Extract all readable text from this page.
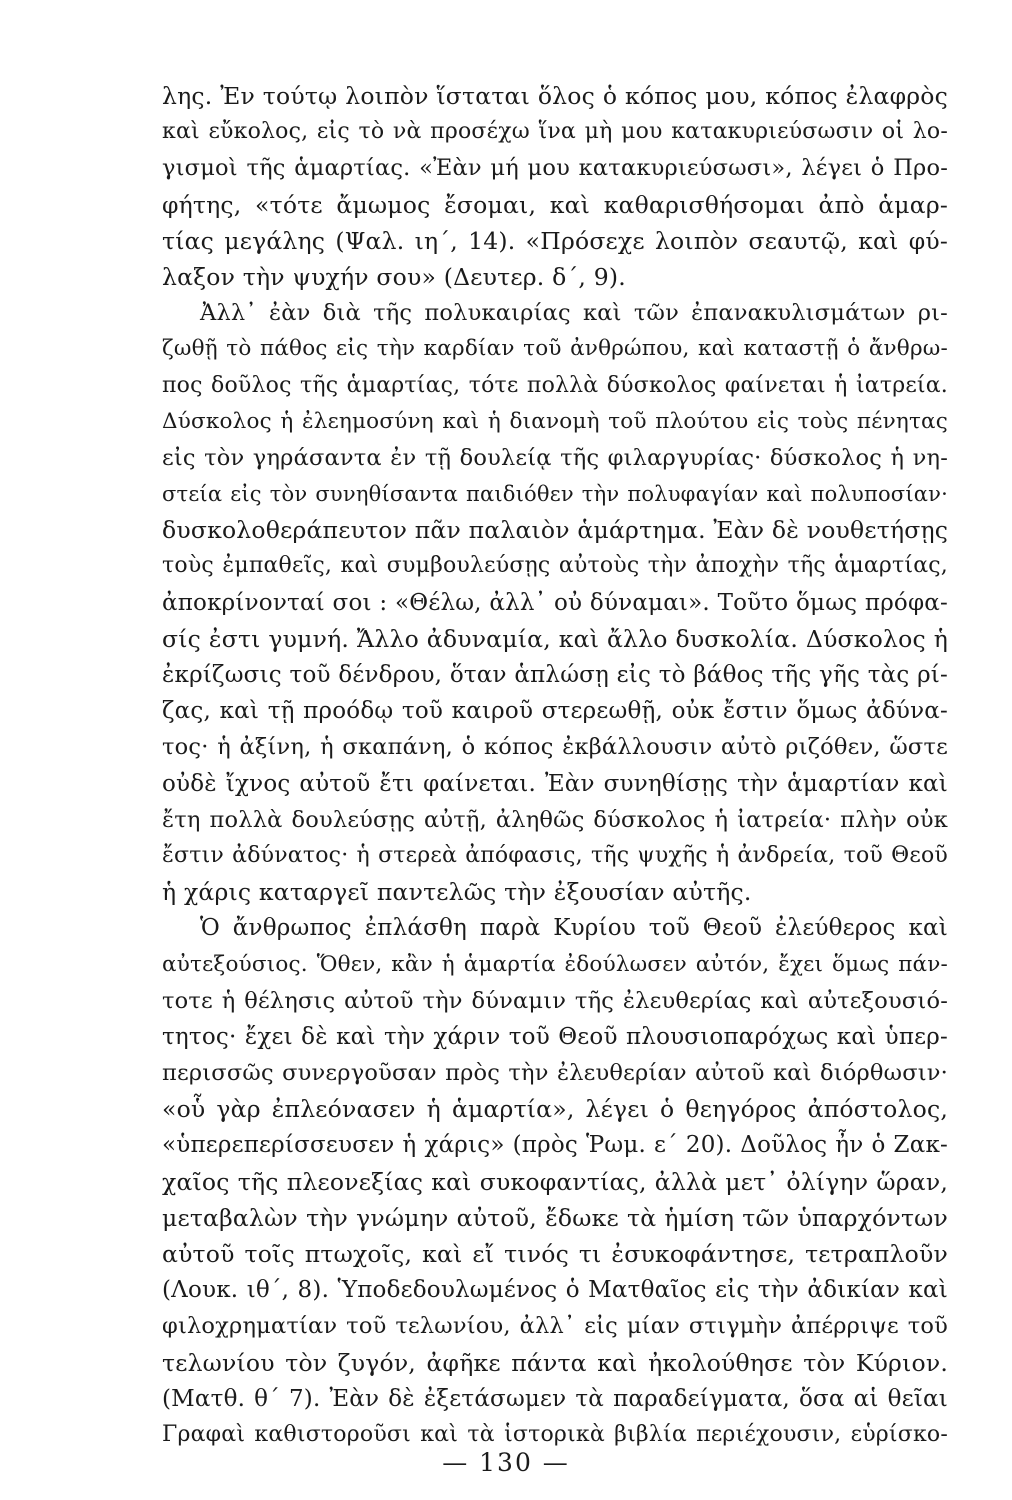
λης. Ἐν τούτῳ λοιπὸν ἵσταται ὅλος ὁ κόπος μου, κόπος ἐλαφρὸς
καὶ εὔκολος, εἰς τὸ νὰ προσέχω ἵνα μὴ μου κατακυριεύσωσιν οἱ λο-
γισμοὶ τῆς ἁμαρτίας. «Ἐὰν μή μου κατακυριεύσωσι», λέγει ὁ Προ-
φήτης, «τότε ἄμωμος ἔσομαι, καὶ καθαρισθήσομαι ἀπὸ ἁμαρ-
τίας μεγάλης (Ψαλ. ιη΄, 14). «Πρόσεχε λοιπὸν σεαυτῷ, καὶ φύ-
λαξον τὴν ψυχήν σου» (Δευτερ. δ΄, 9).
Ἀλλ᾿ ἐὰν διὰ τῆς πολυκαιρίας καὶ τῶν ἐπανακυλισμάτων ρι-
ζωθῇ τὸ πάθος εἰς τὴν καρδίαν τοῦ ἀνθρώπου, καὶ καταστῇ ὁ ἄνθρω-
πος δοῦλος τῆς ἁμαρτίας, τότε πολλὰ δύσκολος φαίνεται ἡ ἰατρεία.
Δύσκολος ἡ ἐλεημοσύνη καὶ ἡ διανομὴ τοῦ πλούτου εἰς τοὺς πένητας
εἰς τὸν γηράσαντα ἐν τῇ δουλείᾳ τῆς φιλαργυρίας· δύσκολος ἡ νη-
στεία εἰς τὸν συνηθίσαντα παιδιόθεν τὴν πολυφαγίαν καὶ πολυποσίαν·
δυσκολοθεράπευτον πᾶν παλαιὸν ἁμάρτημα. Ἐὰν δὲ νουθετήσῃς
τοὺς ἐμπαθεῖς, καὶ συμβουλεύσῃς αὐτοὺς τὴν ἀποχὴν τῆς ἁμαρτίας,
ἀποκρίνονταί σοι : «Θέλω, ἀλλ᾿ οὐ δύναμαι». Τοῦτο ὅμως πρόφα-
σίς ἐστι γυμνή. Ἄλλο ἀδυναμία, καὶ ἄλλο δυσκολία. Δύσκολος ἡ
ἐκρίζωσις τοῦ δένδρου, ὅταν ἁπλώσῃ εἰς τὸ βάθος τῆς γῆς τὰς ρί-
ζας, καὶ τῇ προόδῳ τοῦ καιροῦ στερεωθῇ, οὐκ ἔστιν ὅμως ἀδύνα-
τος· ἡ ἀξίνη, ἡ σκαπάνη, ὁ κόπος ἐκβάλλουσιν αὐτὸ ριζόθεν, ὥστε
οὐδὲ ἴχνος αὐτοῦ ἔτι φαίνεται. Ἐὰν συνηθίσῃς τὴν ἁμαρτίαν καὶ
ἔτη πολλὰ δουλεύσῃς αὐτῇ, ἀληθῶς δύσκολος ἡ ἰατρεία· πλὴν οὐκ
ἔστιν ἀδύνατος· ἡ στερεὰ ἀπόφασις, τῆς ψυχῆς ἡ ἀνδρεία, τοῦ Θεοῦ
ἡ χάρις καταργεῖ παντελῶς τὴν ἐξουσίαν αὐτῆς.
Ὁ ἄνθρωπος ἐπλάσθη παρὰ Κυρίου τοῦ Θεοῦ ἐλεύθερος καὶ
αὐτεξούσιος. Ὅθεν, κἂν ἡ ἁμαρτία ἐδούλωσεν αὐτόν, ἔχει ὅμως πάν-
τοτε ἡ θέλησις αὐτοῦ τὴν δύναμιν τῆς ἐλευθερίας καὶ αὐτεξουσιό-
τητος· ἔχει δὲ καὶ τὴν χάριν τοῦ Θεοῦ πλουσιοπαρόχως καὶ ὑπερ-
περισσῶς συνεργοῦσαν πρὸς τὴν ἐλευθερίαν αὐτοῦ καὶ διόρθωσιν·
«οὗ γὰρ ἐπλεόνασεν ἡ ἁμαρτία», λέγει ὁ θεηγόρος ἀπόστολος,
«ὑπερεπερίσσευσεν ἡ χάρις» (πρὸς Ῥωμ. ε΄ 20). Δοῦλος ἦν ὁ Ζακ-
χαῖος τῆς πλεονεξίας καὶ συκοφαντίας, ἀλλὰ μετ᾿ ὀλίγην ὥραν,
μεταβαλὼν τὴν γνώμην αὐτοῦ, ἔδωκε τὰ ἡμίση τῶν ὑπαρχόντων
αὐτοῦ τοῖς πτωχοῖς, καὶ εἴ τινός τι ἐσυκοφάντησε, τετραπλοῦν
(Λουκ. ιθ΄, 8). Ὑποδεδουλωμένος ὁ Ματθαῖος εἰς τὴν ἀδικίαν καὶ
φιλοχρηματίαν τοῦ τελωνίου, ἀλλ᾿ εἰς μίαν στιγμὴν ἀπέρριψε τοῦ
τελωνίου τὸν ζυγόν, ἀφῆκε πάντα καὶ ἠκολούθησε τὸν Κύριον.
(Ματθ. θ΄ 7). Ἐὰν δὲ ἐξετάσωμεν τὰ παραδείγματα, ὅσα αἱ θεῖαι
Γραφαὶ καθιστοροῦσι καὶ τὰ ἱστορικὰ βιβλία περιέχουσιν, εὑρίσκο-
— 130 —
